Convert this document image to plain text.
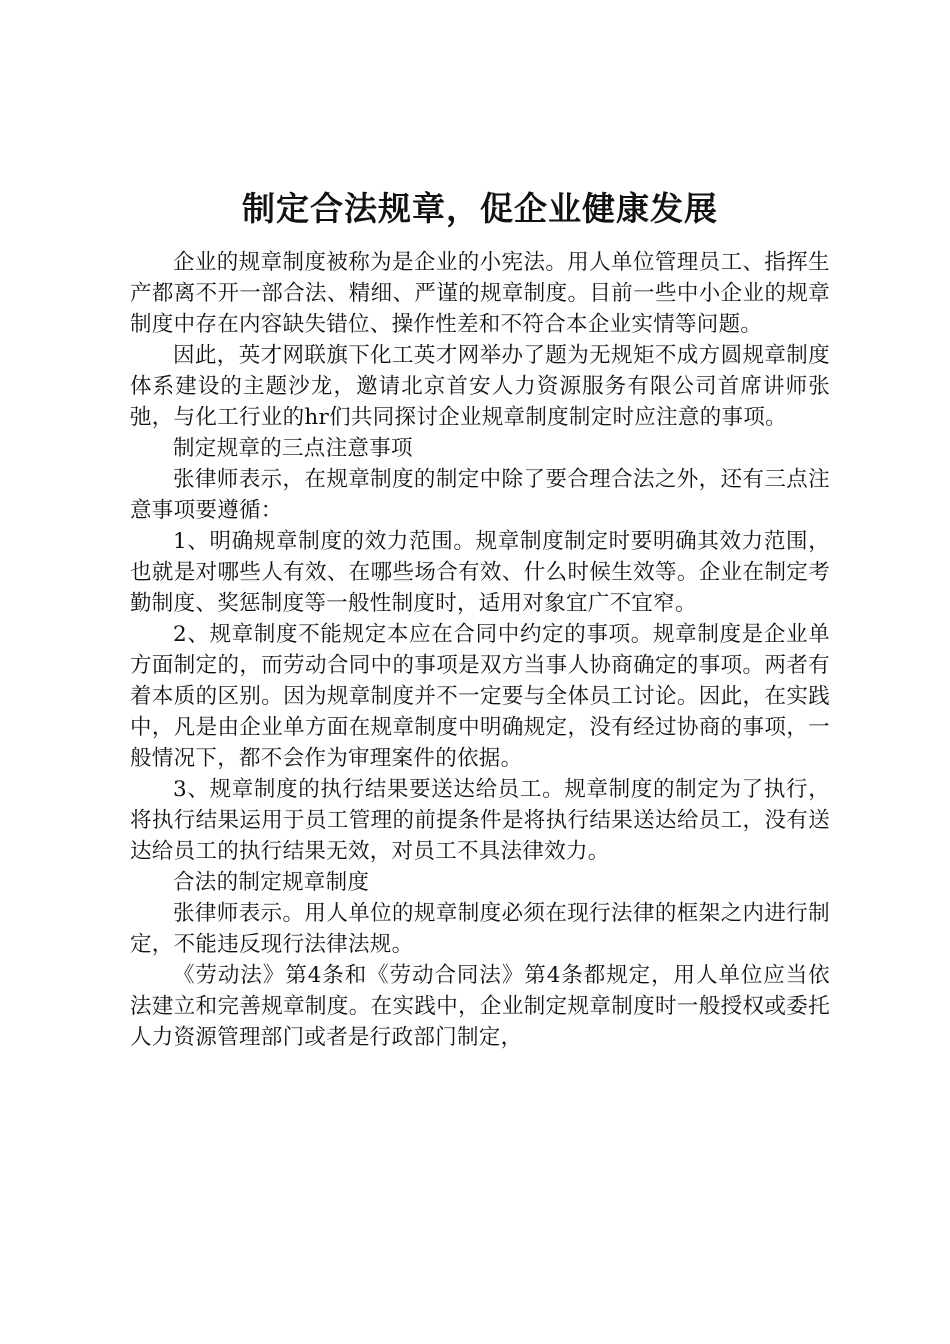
制定合法规章，促企业健康发展

企业的规章制度被称为是企业的小宪法。用人单位管理员工、指挥生产都离不开一部合法、精细、严谨的规章制度。目前一些中小企业的规章制度中存在内容缺失错位、操作性差和不符合本企业实情等问题。

因此，英才网联旗下化工英才网举办了题为无规矩不成方圆规章制度体系建设的主题沙龙，邀请北京首安人力资源服务有限公司首席讲师张弛，与化工行业的hr们共同探讨企业规章制度制定时应注意的事项。

制定规章的三点注意事项

张律师表示，在规章制度的制定中除了要合理合法之外，还有三点注意事项要遵循：

1、明确规章制度的效力范围。规章制度制定时要明确其效力范围，也就是对哪些人有效、在哪些场合有效、什么时候生效等。企业在制定考勤制度、奖惩制度等一般性制度时，适用对象宜广不宜窄。

2、规章制度不能规定本应在合同中约定的事项。规章制度是企业单方面制定的，而劳动合同中的事项是双方当事人协商确定的事项。两者有着本质的区别。因为规章制度并不一定要与全体员工讨论。因此，在实践中，凡是由企业单方面在规章制度中明确规定，没有经过协商的事项，一般情况下，都不会作为审理案件的依据。

3、规章制度的执行结果要送达给员工。规章制度的制定为了执行，将执行结果运用于员工管理的前提条件是将执行结果送达给员工，没有送达给员工的执行结果无效，对员工不具法律效力。

合法的制定规章制度

张律师表示。用人单位的规章制度必须在现行法律的框架之内进行制定，不能违反现行法律法规。

《劳动法》第4条和《劳动合同法》第4条都规定，用人单位应当依法建立和完善规章制度。在实践中，企业制定规章制度时一般授权或委托人力资源管理部门或者是行政部门制定，
